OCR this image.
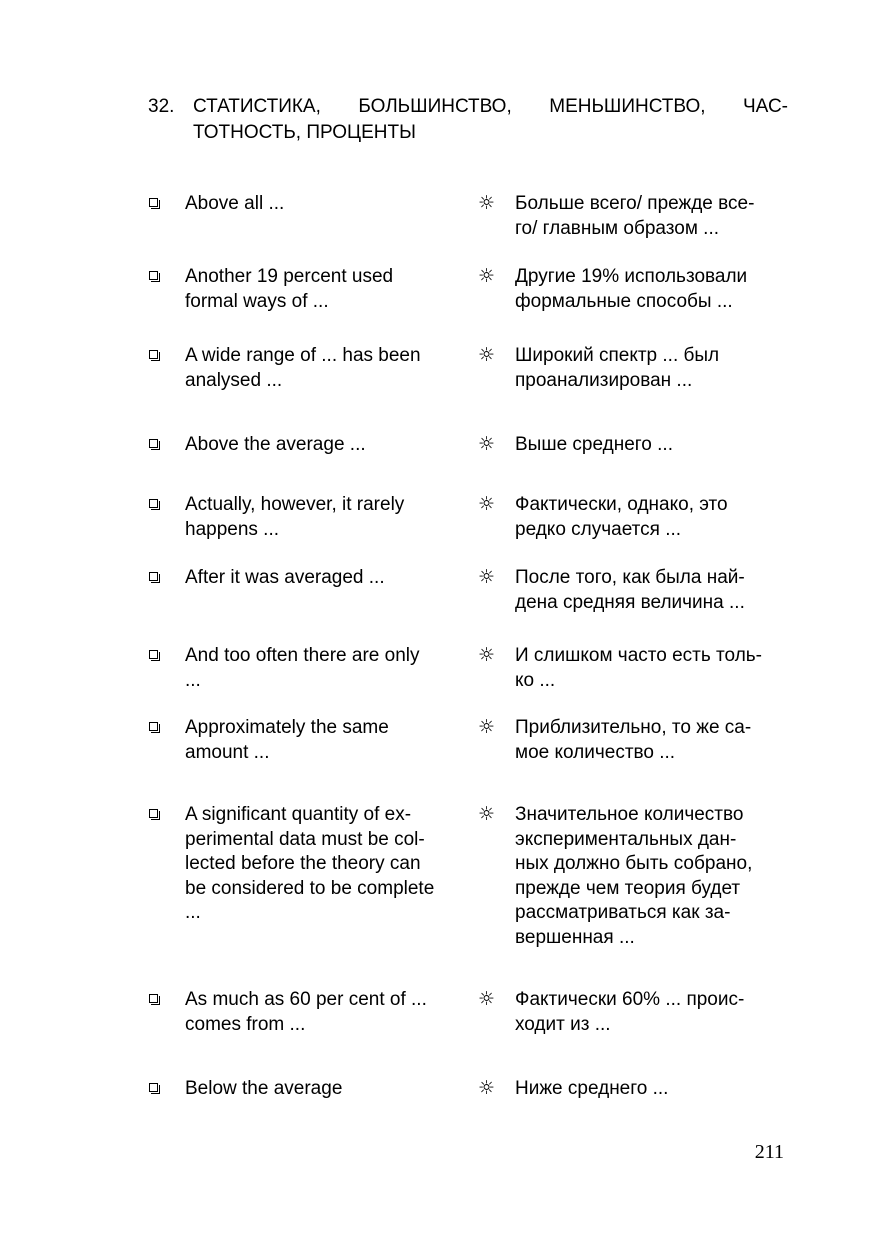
32. СТАТИСТИКА, БОЛЬШИНСТВО, МЕНЬШИНСТВО, ЧАС-ТОТНОСТЬ, ПРОЦЕНТЫ
Above all ...	☼ Больше всего/ прежде все-
го/ главным образом ...
Another 19 percent used
formal ways of ...
☼ Другие 19% использовали
формальные способы ...
A wide range of ... has been
analysed ...
☼ Широкий спектр ... был
проанализирован ...
Above the average ...	☼ Выше среднего ...
Actually, however, it rarely
happens ...
☼ Фактически, однако, это
редко случается ...
After it was averaged ...	☼ После того, как была най-
дена средняя величина ...
And too often there are only
...
☼ И слишком часто есть толь-
ко ...
Approximately the same
amount ...
☼ Приблизительно, то же са-
мое количество ...
A significant quantity of ex-
perimental data must be col-
lected before the theory can
be considered to be complete
...
☼ Значительное количество
экспериментальных дан-
ных должно быть собрано,
прежде чем теория будет
рассматриваться как за-
вершенная ...
As much as 60 per cent of ...
comes from ...
☼ Фактически 60% ... проис-
ходит из ...
Below the average	☼ Ниже среднего ...
211
